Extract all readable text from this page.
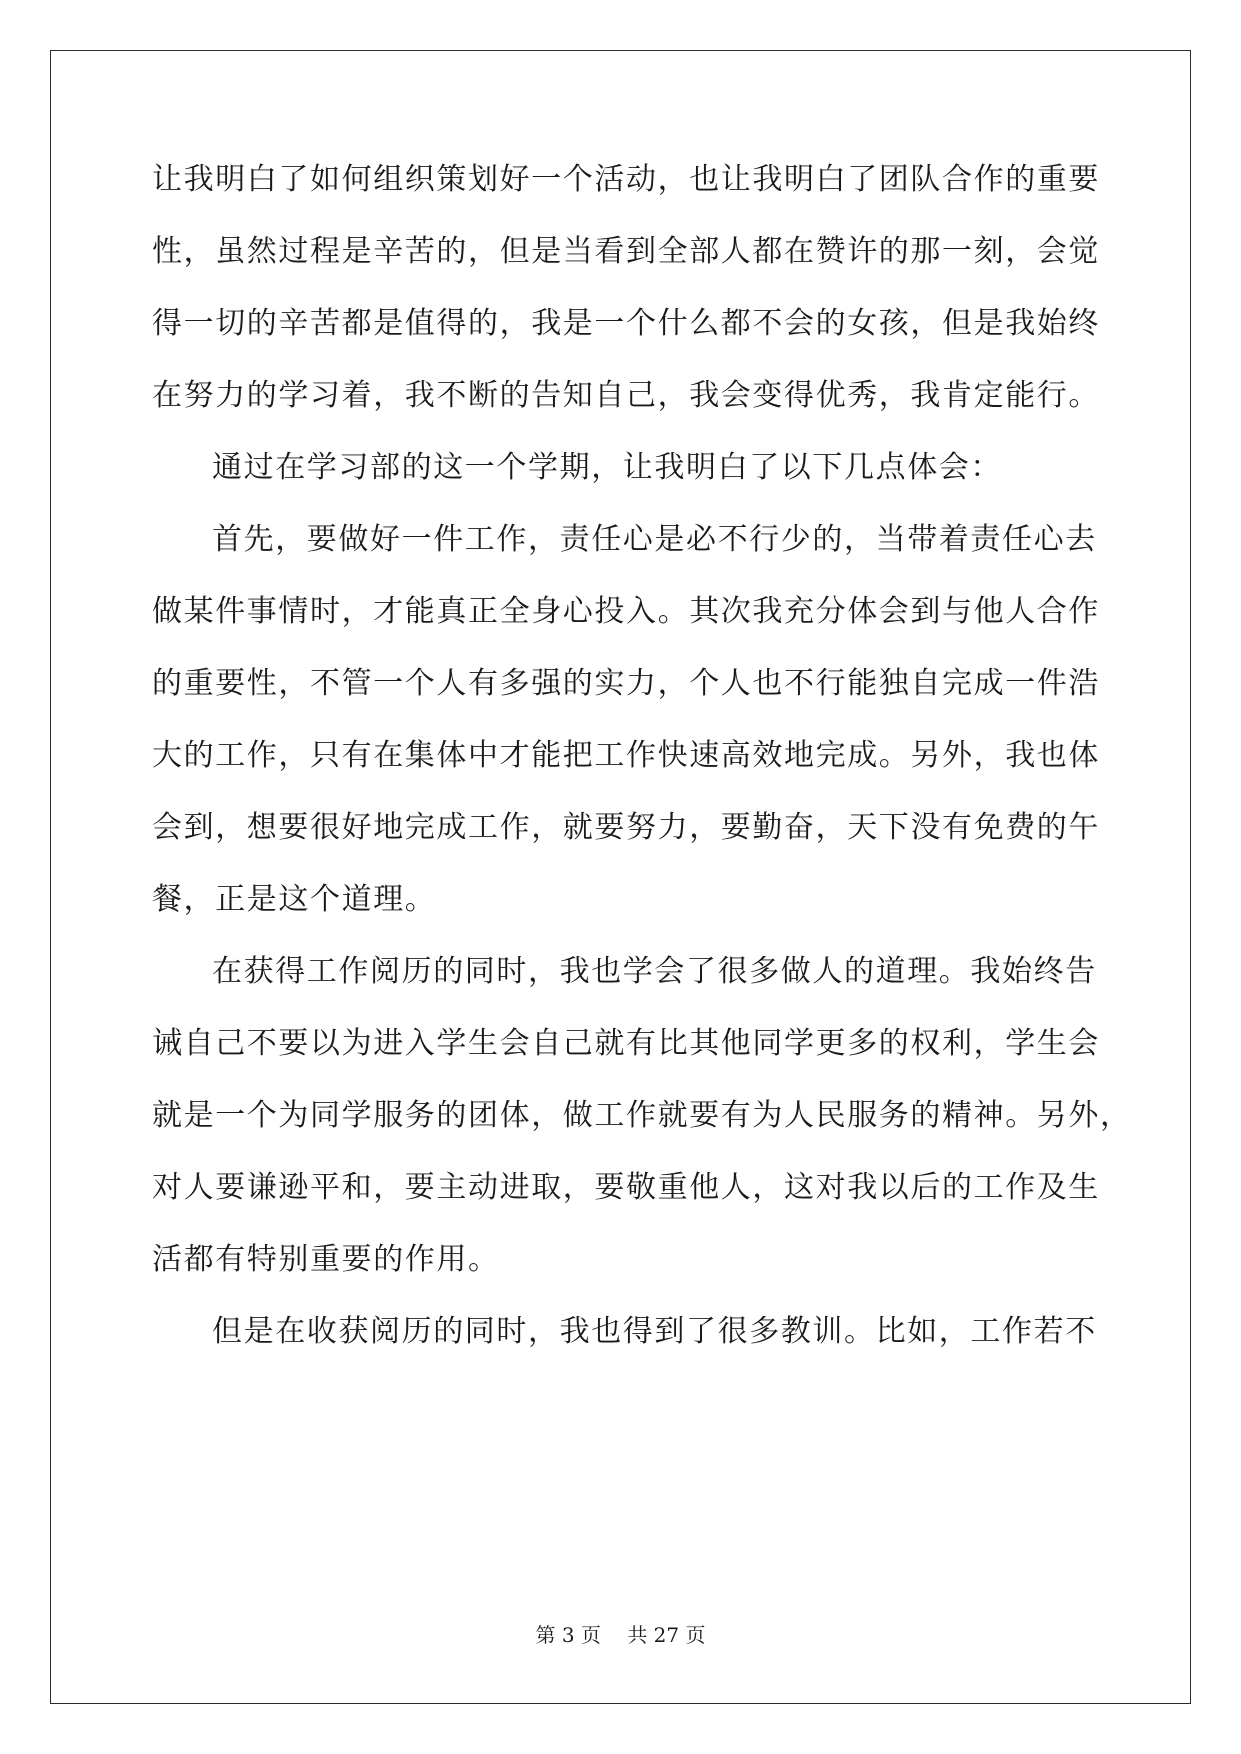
让我明白了如何组织策划好一个活动，也让我明白了团队合作的重要
性，虽然过程是辛苦的，但是当看到全部人都在赞许的那一刻，会觉
得一切的辛苦都是值得的，我是一个什么都不会的女孩，但是我始终
在努力的学习着，我不断的告知自己，我会变得优秀，我肯定能行。
通过在学习部的这一个学期，让我明白了以下几点体会：
首先，要做好一件工作，责任心是必不行少的，当带着责任心去
做某件事情时，才能真正全身心投入。其次我充分体会到与他人合作
的重要性，不管一个人有多强的实力，个人也不行能独自完成一件浩
大的工作，只有在集体中才能把工作快速高效地完成。另外，我也体
会到，想要很好地完成工作，就要努力，要勤奋，天下没有免费的午
餐，正是这个道理。
在获得工作阅历的同时，我也学会了很多做人的道理。我始终告
诫自己不要以为进入学生会自己就有比其他同学更多的权利，学生会
就是一个为同学服务的团体，做工作就要有为人民服务的精神。另外，
对人要谦逊平和，要主动进取，要敬重他人，这对我以后的工作及生
活都有特别重要的作用。
但是在收获阅历的同时，我也得到了很多教训。比如，工作若不
第 3 页 共 27 页
